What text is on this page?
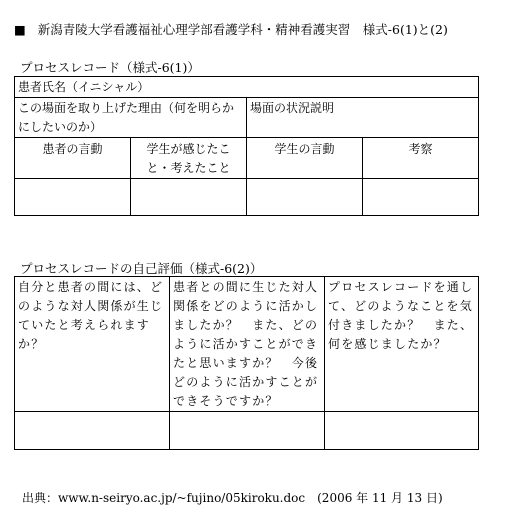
■ 新潟青陵大学看護福祉心理学部看護学科・精神看護実習　様式-6(1)と(2)
プロセスレコード（様式-6(1)）
患者氏名（イニシャル）			
この場面を取り上げた理由（何を明らかにしたいのか）		場面の状況説明	
患者の言動	学生が感じたこと・考えたこと	学生の言動	考察

プロセスレコードの自己評価（様式-6(2)）
自分と患者の間には、どのような対人関係が生じていたと考えられますか？	患者との間に生じた対人関係をどのように活かしましたか？　また、どのように活かすことができたと思いますか？　今後どのように活かすことができそうですか？	プロセスレコードを通して、どのようなことを気付きましたか？　また、何を感じましたか？

出典：www.n-seiryo.ac.jp/~fujino/05kiroku.doc　(2006 年 11 月 13 日)
